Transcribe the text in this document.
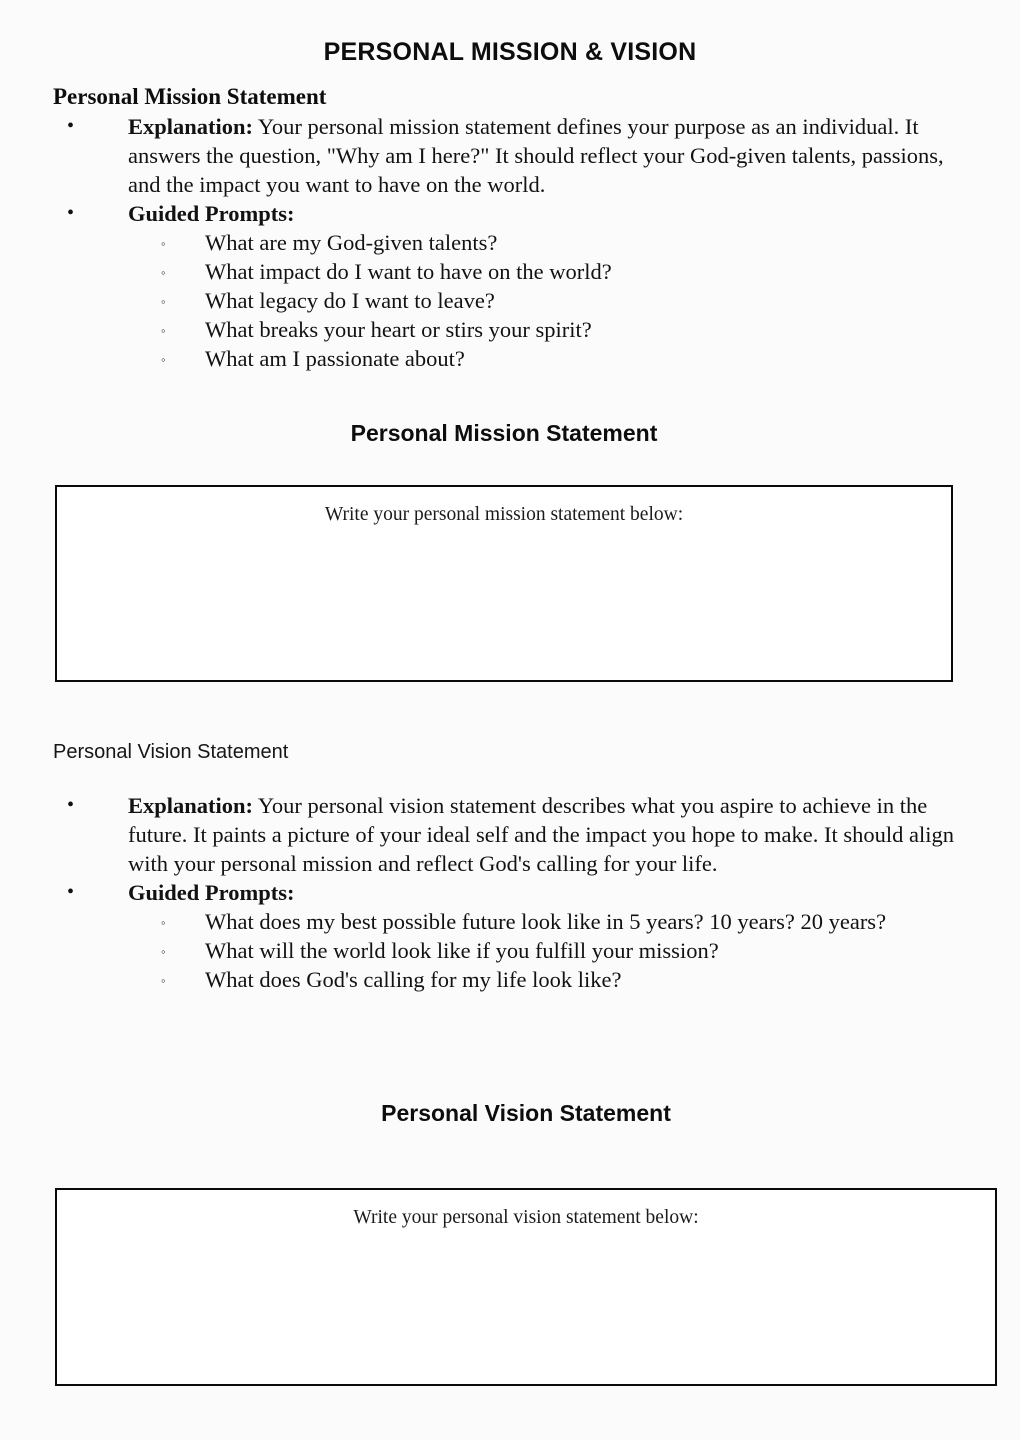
PERSONAL MISSION & VISION
Personal Mission Statement
• Explanation: Your personal mission statement defines your purpose as an individual. It answers the question, "Why am I here?" It should reflect your God-given talents, passions, and the impact you want to have on the world.
• Guided Prompts:
◦ What are my God-given talents?
◦ What impact do I want to have on the world?
◦ What legacy do I want to leave?
◦ What breaks your heart or stirs your spirit?
◦ What am I passionate about?
Personal Mission Statement
Write your personal mission statement below:
Personal Vision Statement
• Explanation: Your personal vision statement describes what you aspire to achieve in the future. It paints a picture of your ideal self and the impact you hope to make. It should align with your personal mission and reflect God's calling for your life.
• Guided Prompts:
◦ What does my best possible future look like in 5 years? 10 years? 20 years?
◦ What will the world look like if you fulfill your mission?
◦ What does God's calling for my life look like?
Personal Vision Statement
Write your personal vision statement below:
